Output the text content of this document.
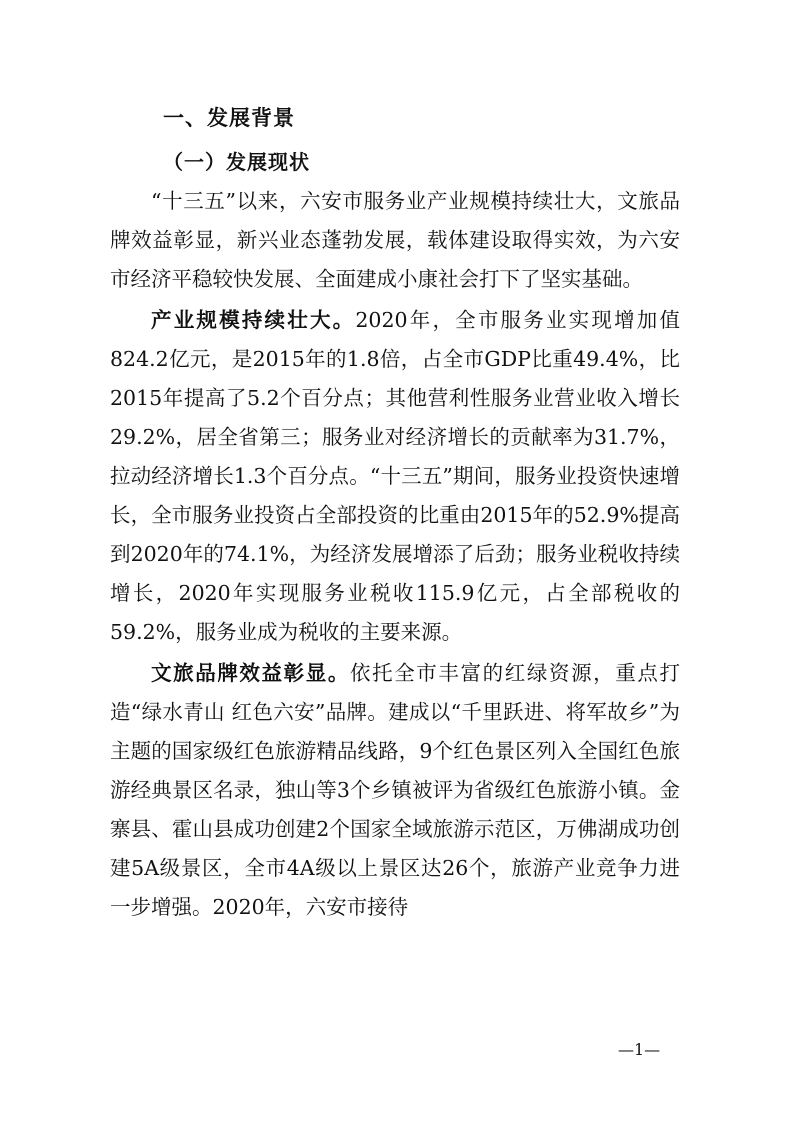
一、发展背景
（一）发展现状

“十三五”以来，六安市服务业产业规模持续壮大，文旅品牌效益彰显，新兴业态蓬勃发展，载体建设取得实效，为六安市经济平稳较快发展、全面建成小康社会打下了坚实基础。

产业规模持续壮大。2020年，全市服务业实现增加值824.2亿元，是2015年的1.8倍，占全市GDP比重49.4%，比2015年提高了5.2个百分点；其他营利性服务业营业收入增长29.2%，居全省第三；服务业对经济增长的贡献率为31.7%，拉动经济增长1.3个百分点。“十三五”期间，服务业投资快速增长，全市服务业投资占全部投资的比重由2015年的52.9%提高到2020年的74.1%，为经济发展增添了后劲；服务业税收持续增长，2020年实现服务业税收115.9亿元，占全部税收的59.2%，服务业成为税收的主要来源。

文旅品牌效益彰显。依托全市丰富的红绿资源，重点打造“绿水青山 红色六安”品牌。建成以“千里跃进、将军故乡”为主题的国家级红色旅游精品线路，9个红色景区列入全国红色旅游经典景区名录，独山等3个乡镇被评为省级红色旅游小镇。金寨县、霍山县成功创建2个国家全域旅游示范区，万佛湖成功创建5A级景区，全市4A级以上景区达26个，旅游产业竞争力进一步增强。2020年，六安市接待

—1—
